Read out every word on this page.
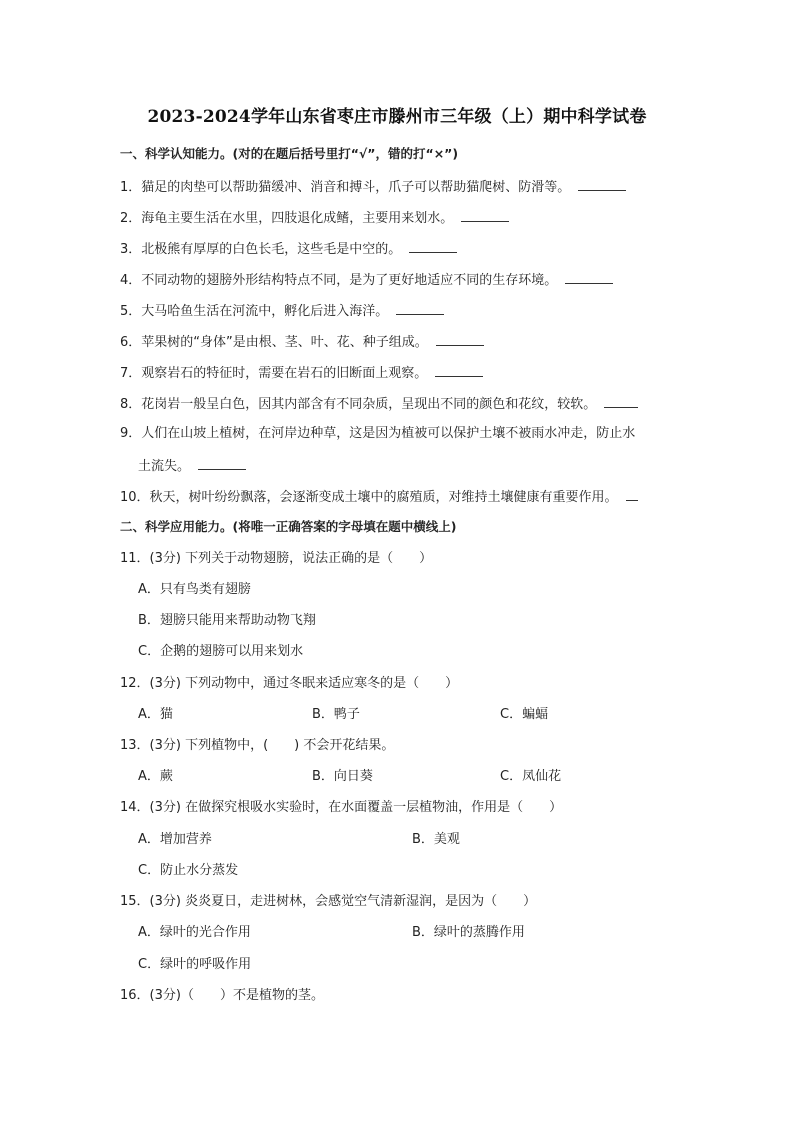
2023-2024学年山东省枣庄市滕州市三年级（上）期中科学试卷
一、科学认知能力。(对的在题后括号里打“√”，错的打“×”)
1．猫足的肉垫可以帮助猫缓冲、消音和搏斗，爪子可以帮助猫爬树、防滑等。
2．海龟主要生活在水里，四肢退化成鳍，主要用来划水。
3．北极熊有厚厚的白色长毛，这些毛是中空的。
4．不同动物的翅膀外形结构特点不同，是为了更好地适应不同的生存环境。
5．大马哈鱼生活在河流中，孵化后进入海洋。
6．苹果树的“身体”是由根、茎、叶、花、种子组成。
7．观察岩石的特征时，需要在岩石的旧断面上观察。
8．花岗岩一般呈白色，因其内部含有不同杂质，呈现出不同的颜色和花纹，较软。
9．人们在山坡上植树，在河岸边种草，这是因为植被可以保护土壤不被雨水冲走，防止水
土流失。
10．秋天，树叶纷纷飘落，会逐渐变成土壤中的腐殖质，对维持土壤健康有重要作用。
二、科学应用能力。(将唯一正确答案的字母填在题中横线上)
11．(3分) 下列关于动物翅膀，说法正确的是（　　）
A．只有鸟类有翅膀
B．翅膀只能用来帮助动物飞翔
C．企鹅的翅膀可以用来划水
12．(3分) 下列动物中，通过冬眠来适应寒冬的是（　　）
A．猫	B．鸭子	C．蝙蝠
13．(3分) 下列植物中，(　　) 不会开花结果。
A．蕨	B．向日葵	C．凤仙花
14．(3分) 在做探究根吸水实验时，在水面覆盖一层植物油，作用是（　　）
A．增加营养	B．美观
C．防止水分蒸发
15．(3分) 炎炎夏日，走进树林，会感觉空气清新湿润，是因为（　　）
A．绿叶的光合作用	B．绿叶的蒸腾作用
C．绿叶的呼吸作用
16．(3分)（　　）不是植物的茎。
